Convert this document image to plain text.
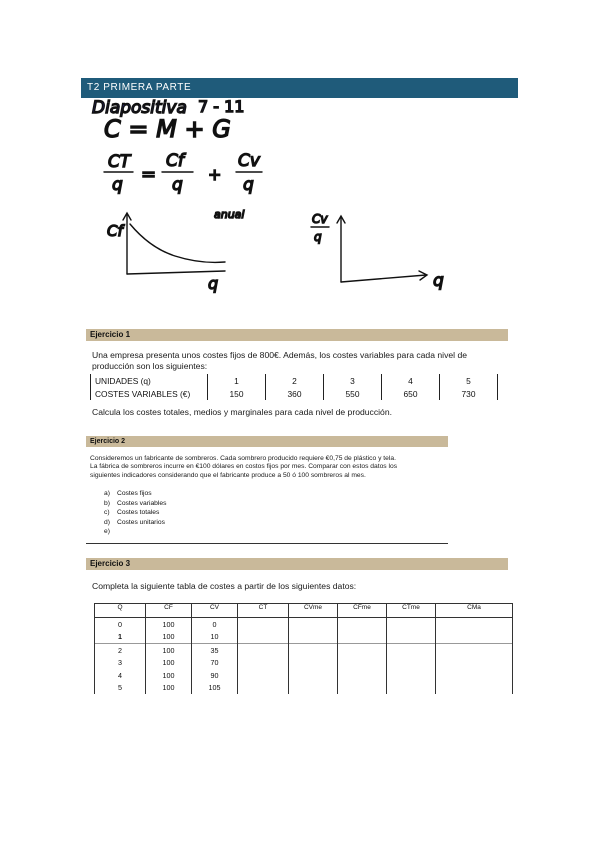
T2 PRIMERA PARTE
Diapositiva 7 - 11
C = M + G
CT
q =
Cf
q
+
Cv
q
Cf
q
anual	Cv
q
q
Ejercicio 1
Una empresa presenta unos costes fijos de 800€. Además, los costes variables para cada nivel de
producción son los siguientes:
UNIDADES (q)	1	2	3	4	5
COSTES VARIABLES (€)	150	360	550	650	730
Calcula los costes totales, medios y marginales para cada nivel de producción.
Ejercicio 2
Consideremos un fabricante de sombreros. Cada sombrero producido requiere €0,75 de plástico y tela.
La fábrica de sombreros incurre en €100 dólares en costos fijos por mes. Comparar con estos datos los
siguientes indicadores considerando que el fabricante produce a 50 ó 100 sombreros al mes.
a) Costes fijos
b) Costes variables
c) Costes totales
d) Costes unitarios
e)
Ejercicio 3
Completa la siguiente tabla de costes a partir de los siguientes datos:
Q	CF	CV	CT	CVme	CFme	CTme	CMa
0	100	0					
1	100	10					
2	100	35					
3	100	70					
4	100	90					
5	100	105					
